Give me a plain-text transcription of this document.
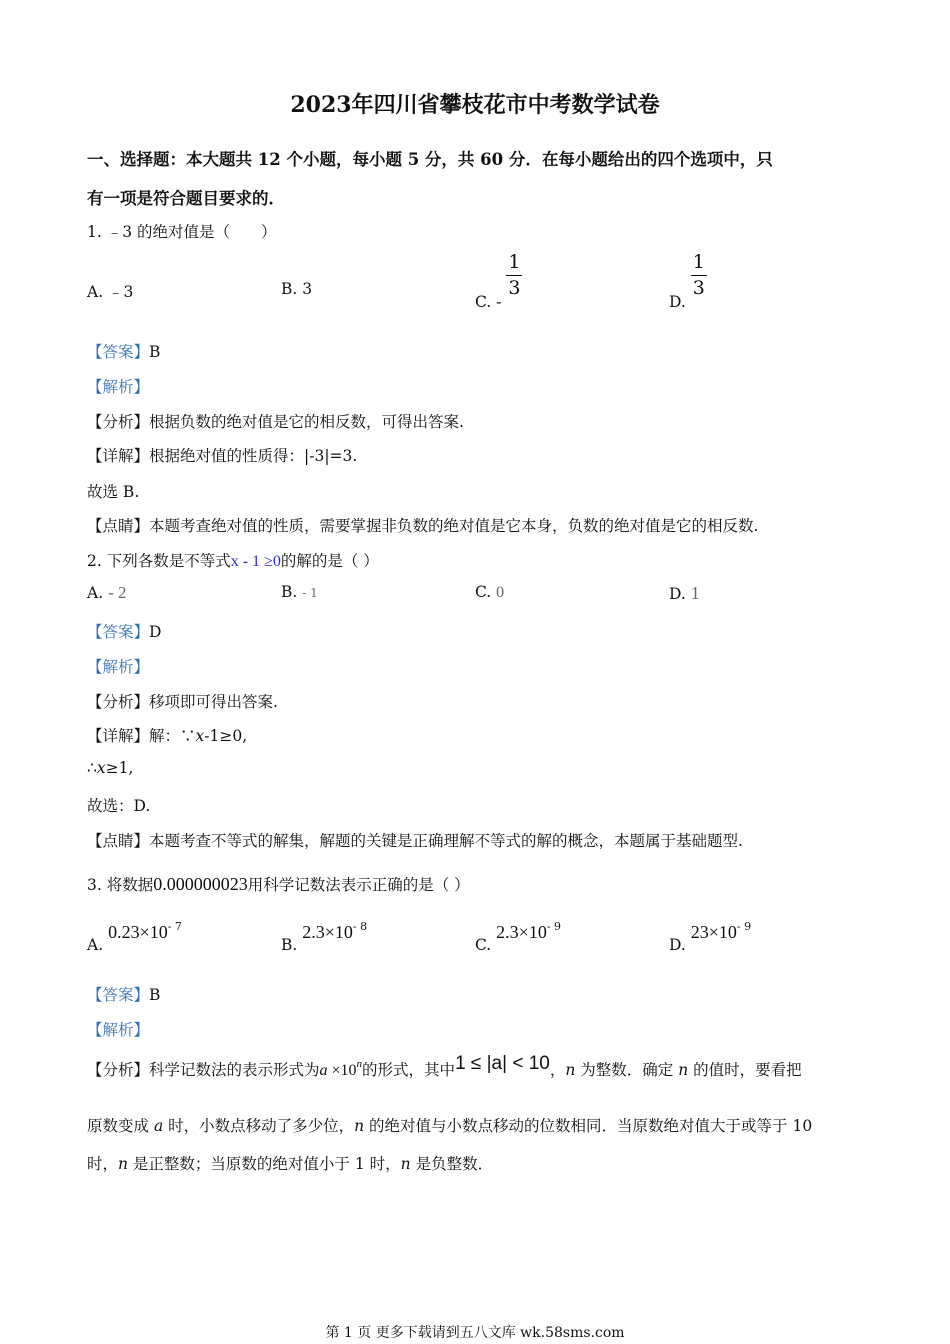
2023年四川省攀枝花市中考数学试卷
一、选择题：本大题共 12 个小题，每小题 5 分，共 60 分．在每小题给出的四个选项中，只
有一项是符合题目要求的．
1. ﹣3 的绝对值是（　　）
A. ﹣3	B. 3
C. -
$\frac{1}{3}$
D.
$\frac{1}{3}$
【答案】B
【解析】
【分析】根据负数的绝对值是它的相反数，可得出答案.
【详解】根据绝对值的性质得：|-3|=3.
故选 B.
【点睛】本题考查绝对值的性质，需要掌握非负数的绝对值是它本身，负数的绝对值是它的相反数.
2. 下列各数是不等式x - 1 ≥0的解的是（ ）
A. - 2	B. - 1	C. 0	D. 1
【答案】D
【解析】
【分析】移项即可得出答案.
【详解】解：∵x-1≥0,
∴x≥1,
故选：D.
【点睛】本题考查不等式的解集，解题的关键是正确理解不等式的解的概念，本题属于基础题型.
3. 将数据0.000000023用科学记数法表示正确的是（ ）
A. $0.23\times 10^{- 7}$
B. $2.3\times 10^{- 8}$
C. $2.3\times 10^{- 9}$
D. $23\times 10^{- 9}$
【答案】B
【解析】
【分析】科学记数法的表示形式为$a \times 10^n$的形式，其中1 ≤ |a| < 10，n 为整数．确定 n 的值时，要看把
原数变成 a 时，小数点移动了多少位，n 的绝对值与小数点移动的位数相同．当原数绝对值大于或等于 10
时，n 是正整数；当原数的绝对值小于 1 时，n 是负整数．
第 1 页 更多下载请到五八文库 wk.58sms.com
